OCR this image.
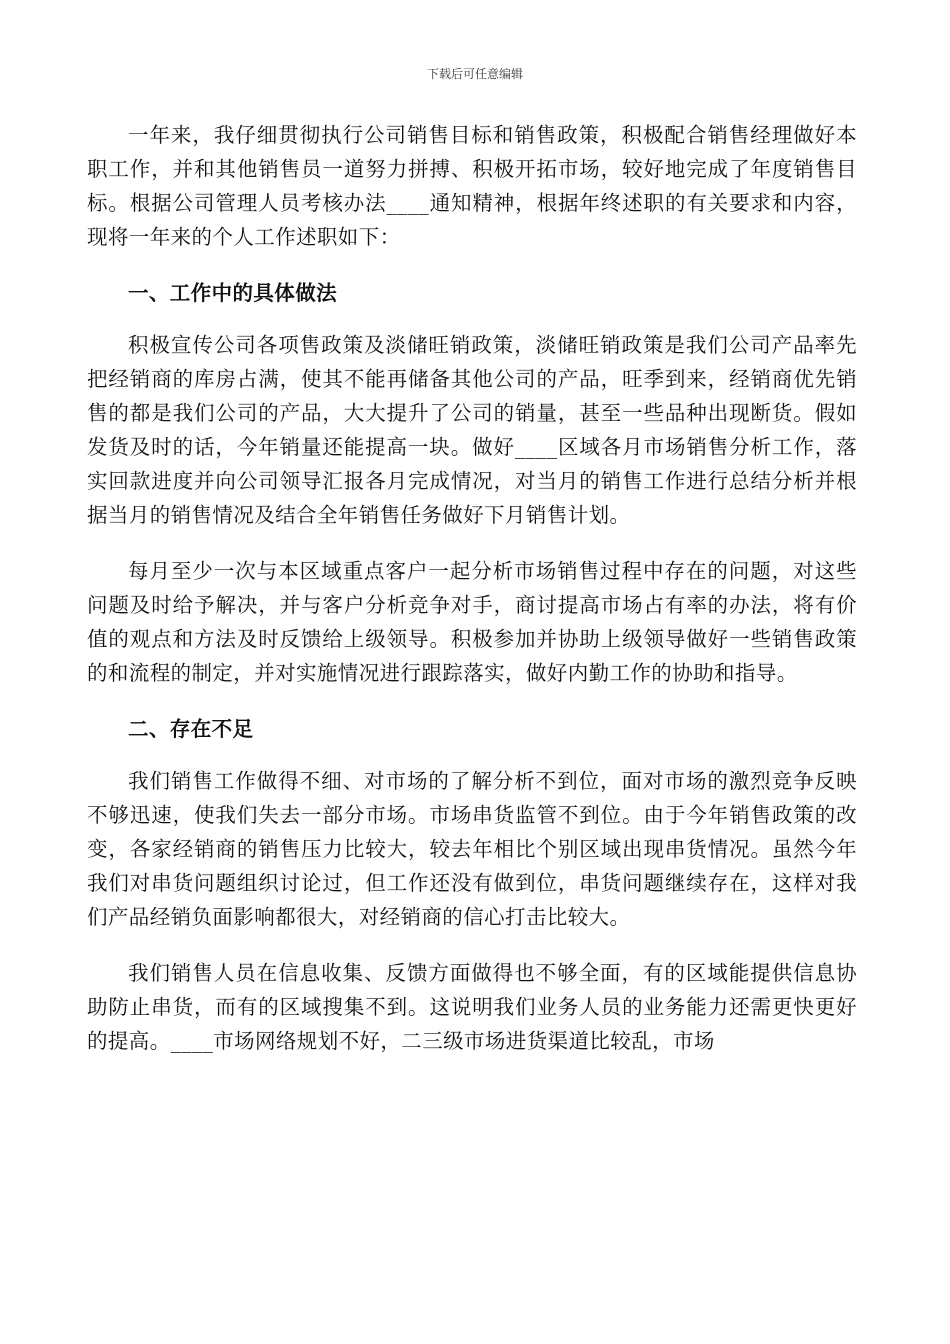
下载后可任意编辑

一年来，我仔细贯彻执行公司销售目标和销售政策，积极配合销售经理做好本职工作，并和其他销售员一道努力拼搏、积极开拓市场，较好地完成了年度销售目标。根据公司管理人员考核办法____通知精神，根据年终述职的有关要求和内容，现将一年来的个人工作述职如下：

一、工作中的具体做法

积极宣传公司各项售政策及淡储旺销政策，淡储旺销政策是我们公司产品率先把经销商的库房占满，使其不能再储备其他公司的产品，旺季到来，经销商优先销售的都是我们公司的产品，大大提升了公司的销量，甚至一些品种出现断货。假如发货及时的话，今年销量还能提高一块。做好____区域各月市场销售分析工作，落实回款进度并向公司领导汇报各月完成情况，对当月的销售工作进行总结分析并根据当月的销售情况及结合全年销售任务做好下月销售计划。

每月至少一次与本区域重点客户一起分析市场销售过程中存在的问题，对这些问题及时给予解决，并与客户分析竞争对手，商讨提高市场占有率的办法，将有价值的观点和方法及时反馈给上级领导。积极参加并协助上级领导做好一些销售政策的和流程的制定，并对实施情况进行跟踪落实，做好内勤工作的协助和指导。

二、存在不足

我们销售工作做得不细、对市场的了解分析不到位，面对市场的激烈竞争反映不够迅速，使我们失去一部分市场。市场串货监管不到位。由于今年销售政策的改变，各家经销商的销售压力比较大，较去年相比个别区域出现串货情况。虽然今年我们对串货问题组织讨论过，但工作还没有做到位，串货问题继续存在，这样对我们产品经销负面影响都很大，对经销商的信心打击比较大。

我们销售人员在信息收集、反馈方面做得也不够全面，有的区域能提供信息协助防止串货，而有的区域搜集不到。这说明我们业务人员的业务能力还需更快更好的提高。____市场网络规划不好，二三级市场进货渠道比较乱，市场
